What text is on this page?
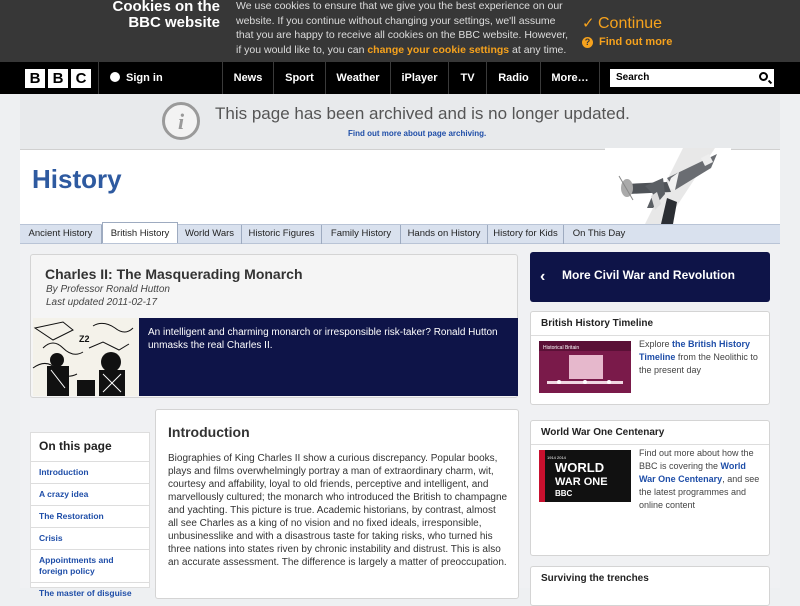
Cookies on the
BBC website
We use cookies to ensure that we give you the best experience on our website. If you continue without changing your settings, we'll assume that you are happy to receive all cookies on the BBC website. However, if you would like to, you can change your cookie settings at any time.
✓ Continue
? Find out more
B B C	Sign in	News	Sport	Weather	iPlayer	TV	Radio	More…	Search
i	This page has been archived and is no longer updated.
Find out more about page archiving.
History
Ancient History	British History	World Wars	Historic Figures	Family History	Hands on History	History for Kids	On This Day
Charles II: The Masquerading Monarch
By Professor Ronald Hutton
Last updated 2011-02-17
Z2
An intelligent and charming monarch or irresponsible risk-taker? Ronald Hutton unmasks the real Charles II.
On this page
Introduction
A crazy idea
The Restoration
Crisis
Appointments and foreign policy
The master of disguise
Introduction
Biographies of King Charles II show a curious discrepancy. Popular books, plays and films overwhelmingly portray a man of extraordinary charm, wit, courtesy and affability, loyal to old friends, perceptive and intelligent, and marvellously cultured; the monarch who introduced the British to champagne and yachting. This picture is true. Academic historians, by contrast, almost all see Charles as a king of no vision and no fixed ideals, irresponsible, unbusinesslike and with a disastrous taste for taking risks, who turned his three nations into states riven by chronic instability and distrust. This is also an accurate assessment. The difference is largely a matter of preoccupation.
‹ More Civil War and Revolution
British History Timeline
Historical Britain	Explore the British History Timeline from the Neolithic to the present day
World War One Centenary
1914 2014
WORLD
WAR ONE
BBC
Find out more about how the BBC is covering the World War One Centenary, and see the latest programmes and online content
Surviving the trenches
